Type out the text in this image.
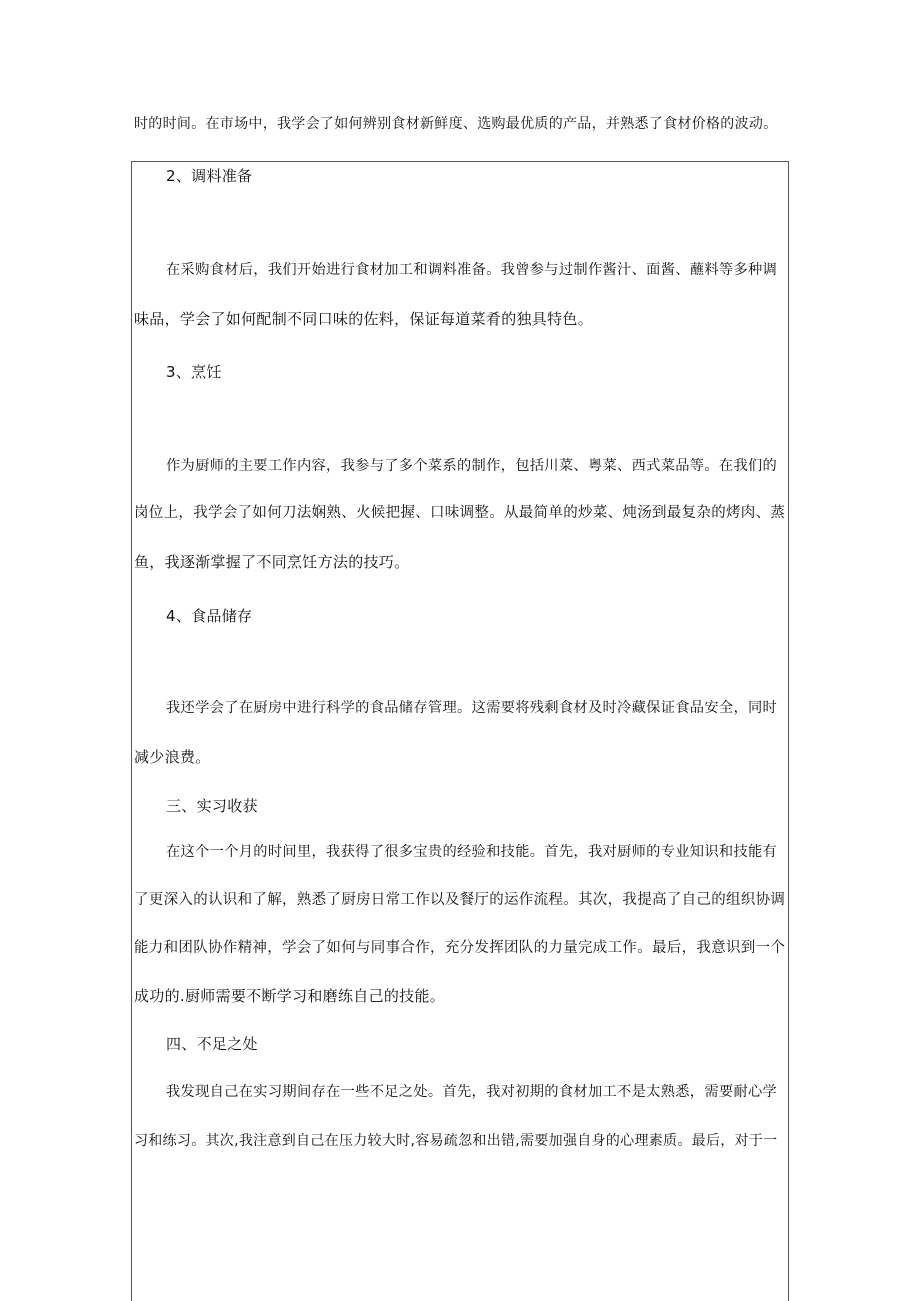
时的时间。在市场中，我学会了如何辨别食材新鲜度、选购最优质的产品，并熟悉了食材价格的波动。
2、调料准备
在采购食材后，我们开始进行食材加工和调料准备。我曾参与过制作酱汁、面酱、蘸料等多种调
味品，学会了如何配制不同口味的佐料，保证每道菜肴的独具特色。
3、烹饪
作为厨师的主要工作内容，我参与了多个菜系的制作，包括川菜、粤菜、西式菜品等。在我们的
岗位上，我学会了如何刀法娴熟、火候把握、口味调整。从最简单的炒菜、炖汤到最复杂的烤肉、蒸
鱼，我逐渐掌握了不同烹饪方法的技巧。
4、食品储存
我还学会了在厨房中进行科学的食品储存管理。这需要将残剩食材及时冷藏保证食品安全，同时
减少浪费。
三、实习收获
在这个一个月的时间里，我获得了很多宝贵的经验和技能。首先，我对厨师的专业知识和技能有
了更深入的认识和了解，熟悉了厨房日常工作以及餐厅的运作流程。其次，我提高了自己的组织协调
能力和团队协作精神，学会了如何与同事合作，充分发挥团队的力量完成工作。最后，我意识到一个
成功的.厨师需要不断学习和磨练自己的技能。
四、不足之处
我发现自己在实习期间存在一些不足之处。首先，我对初期的食材加工不是太熟悉，需要耐心学
习和练习。其次,我注意到自己在压力较大时,容易疏忽和出错,需要加强自身的心理素质。最后，对于一
